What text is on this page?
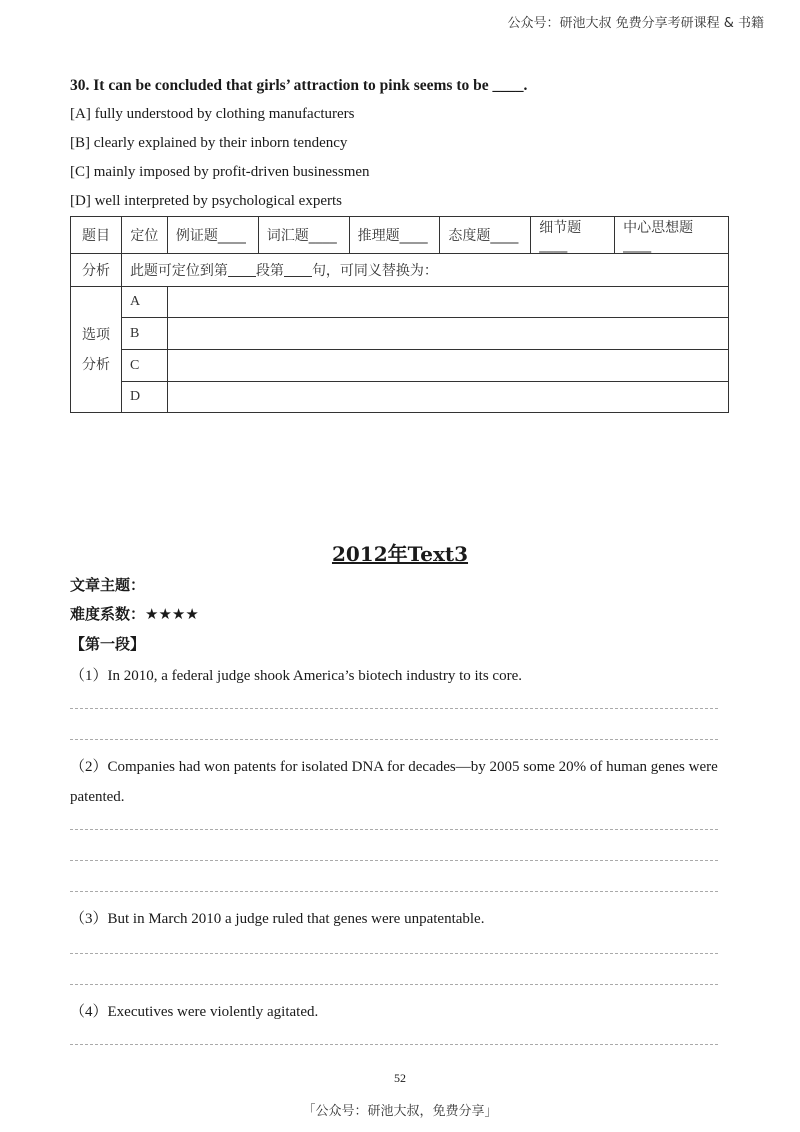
公众号：研池大叔 免费分享考研课程 & 书籍
30. It can be concluded that girls’ attraction to pink seems to be ____.
[A] fully understood by clothing manufacturers
[B] clearly explained by their inborn tendency
[C] mainly imposed by profit-driven businessmen
[D] well interpreted by psychological experts
题目	定位	例证题____	词汇题____	推理题____	态度题____	细节题____	中心思想题____
分析	此题可定位到第 段第 句，可同义替换为：						
选项
分析	A						
	B						
	C						
	D						
2012年Text3
文章主题：
难度系数：★★★★
【第一段】
（1）In 2010, a federal judge shook America’s biotech industry to its core.
（2）Companies had won patents for isolated DNA for decades—by 2005 some 20% of human genes were patented.
（3）But in March 2010 a judge ruled that genes were unpatentable.
（4）Executives were violently agitated.
52
「公众号：研池大叔，免费分享」
